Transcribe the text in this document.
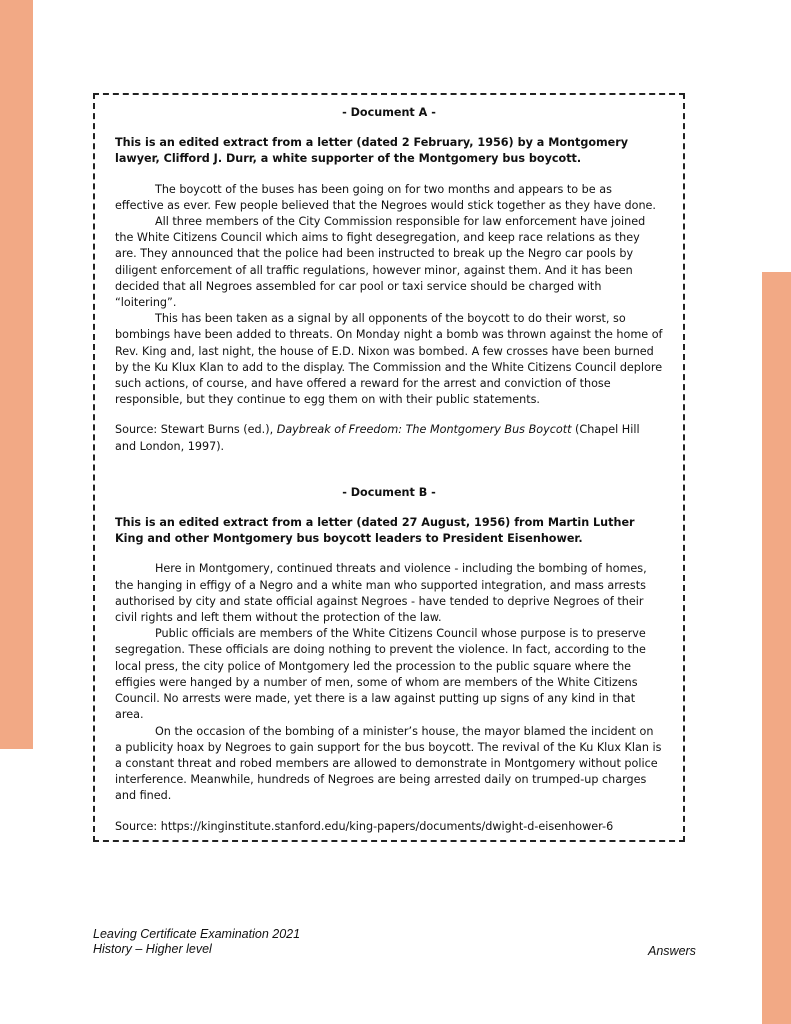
- Document A -

This is an edited extract from a letter (dated 2 February, 1956) by a Montgomery lawyer, Clifford J. Durr, a white supporter of the Montgomery bus boycott.

The boycott of the buses has been going on for two months and appears to be as effective as ever. Few people believed that the Negroes would stick together as they have done.

All three members of the City Commission responsible for law enforcement have joined the White Citizens Council which aims to fight desegregation, and keep race relations as they are. They announced that the police had been instructed to break up the Negro car pools by diligent enforcement of all traffic regulations, however minor, against them. And it has been decided that all Negroes assembled for car pool or taxi service should be charged with “loitering”.

This has been taken as a signal by all opponents of the boycott to do their worst, so bombings have been added to threats. On Monday night a bomb was thrown against the home of Rev. King and, last night, the house of E.D. Nixon was bombed. A few crosses have been burned by the Ku Klux Klan to add to the display. The Commission and the White Citizens Council deplore such actions, of course, and have offered a reward for the arrest and conviction of those responsible, but they continue to egg them on with their public statements.

Source: Stewart Burns (ed.), Daybreak of Freedom: The Montgomery Bus Boycott (Chapel Hill and London, 1997).

- Document B -

This is an edited extract from a letter (dated 27 August, 1956) from Martin Luther King and other Montgomery bus boycott leaders to President Eisenhower.

Here in Montgomery, continued threats and violence - including the bombing of homes, the hanging in effigy of a Negro and a white man who supported integration, and mass arrests authorised by city and state official against Negroes - have tended to deprive Negroes of their civil rights and left them without the protection of the law.

Public officials are members of the White Citizens Council whose purpose is to preserve segregation. These officials are doing nothing to prevent the violence. In fact, according to the local press, the city police of Montgomery led the procession to the public square where the effigies were hanged by a number of men, some of whom are members of the White Citizens Council. No arrests were made, yet there is a law against putting up signs of any kind in that area.

On the occasion of the bombing of a minister’s house, the mayor blamed the incident on a publicity hoax by Negroes to gain support for the bus boycott. The revival of the Ku Klux Klan is a constant threat and robed members are allowed to demonstrate in Montgomery without police interference. Meanwhile, hundreds of Negroes are being arrested daily on trumped-up charges and fined.

Source: https://kinginstitute.stanford.edu/king-papers/documents/dwight-d-eisenhower-6

Leaving Certificate Examination 2021
History – Higher level	Answers
